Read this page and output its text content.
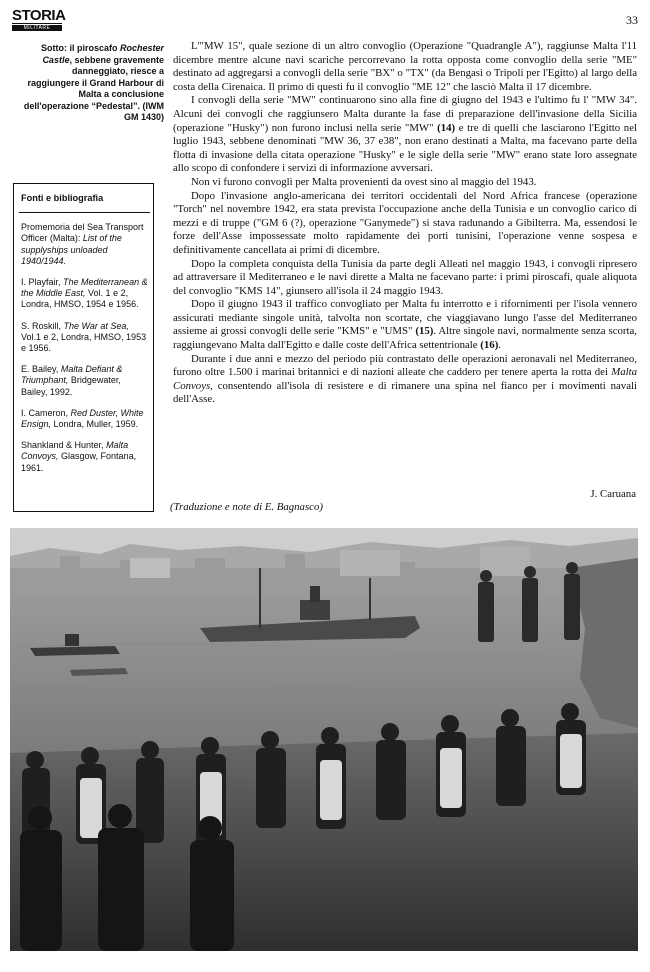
STORIA
MILITARE
33
Sotto: il piroscafo Rochester Castle, sebbene gravemente danneggiato, riesce a raggiungere il Grand Harbour di Malta a conclusione dell'operazione “Pedestal”. (IWM GM 1430)
Fonti e bibliografia
Promemoria del Sea Transport Officer (Malta): List of the supplyships unloaded 1940/1944.
I. Playfair, The Mediterranean & the Middle East, Vol. 1 e 2, Londra, HMSO, 1954 e 1956.
S. Roskill, The War at Sea, Vol.1 e 2, Londra, HMSO, 1953 e 1956.
E. Bailey, Malta Defiant & Triumphant, Bridgewater, Bailey, 1992.
I. Cameron, Red Duster, White Ensign, Londra, Muller, 1959.
Shankland & Hunter, Malta Convoys, Glasgow, Fontana, 1961.

L'"MW 15", quale sezione di un altro convoglio (Operazione "Quadrangle A"), raggiunse Malta l'11 dicembre mentre alcune navi scariche percorrevano la rotta opposta come convoglio della serie "ME" destinato ad aggregarsi a convogli della serie "BX" o "TX" (da Bengasi o Tripoli per l'Egitto) al largo della costa della Cirenaica. Il primo di questi fu il convoglio "ME 12" che lasciò Malta il 17 dicembre.

I convogli della serie "MW" continuarono sino alla fine di giugno del 1943 e l'ultimo fu l' "MW 34". Alcuni dei convogli che raggiunsero Malta durante la fase di preparazione dell'invasione della Sicilia (operazione "Husky") non furono inclusi nella serie "MW" (14) e tre di quelli che lasciarono l'Egitto nel luglio 1943, sebbene denominati "MW 36, 37 e38", non erano destinati a Malta, ma facevano parte della flotta di invasione della citata operazione "Husky" e le sigle della serie "MW" erano state loro assegnate allo scopo di confondere i servizi di informazione avversari.

Non vi furono convogli per Malta provenienti da ovest sino al maggio del 1943.

Dopo l'invasione anglo-americana dei territori occidentali del Nord Africa francese (operazione "Torch" nel novembre 1942, era stata prevista l'occupazione anche della Tunisia e un convoglio carico di mezzi e di truppe ("GM 6 (?), operazione "Ganymede") si stava radunando a Gibilterra. Ma, essendosi le forze dell'Asse impossessate molto rapidamente dei porti tunisini, l'operazione venne sospesa e definitivamente cancellata ai primi di dicembre.

Dopo la completa conquista della Tunisia da parte degli Alleati nel maggio 1943, i convogli ripresero ad attraversare il Mediterraneo e le navi dirette a Malta ne facevano parte: i primi piroscafi, quale aliquota del convoglio "KMS 14", giunsero all'isola il 24 maggio 1943.

Dopo il giugno 1943 il traffico convogliato per Malta fu interrotto e i rifornimenti per l'isola vennero assicurati mediante singole unità, talvolta non scortate, che viaggiavano lungo l'asse del Mediterraneo assieme ai grossi convogli delle serie "KMS" e "UMS" (15). Altre singole navi, normalmente senza scorta, raggiungevano Malta dall'Egitto e dalle coste dell'Africa settentrionale (16).

Durante i due anni e mezzo del periodo più contrastato delle operazioni aeronavali nel Mediterraneo, furono oltre 1.500 i marinai britannici e di nazioni alleate che caddero per tenere aperta la rotta dei Malta Convoys, consentendo all'isola di resistere e di rimanere una spina nel fianco per i movimenti navali dell'Asse.

J. Caruana
(Traduzione e note di E. Bagnasco)
